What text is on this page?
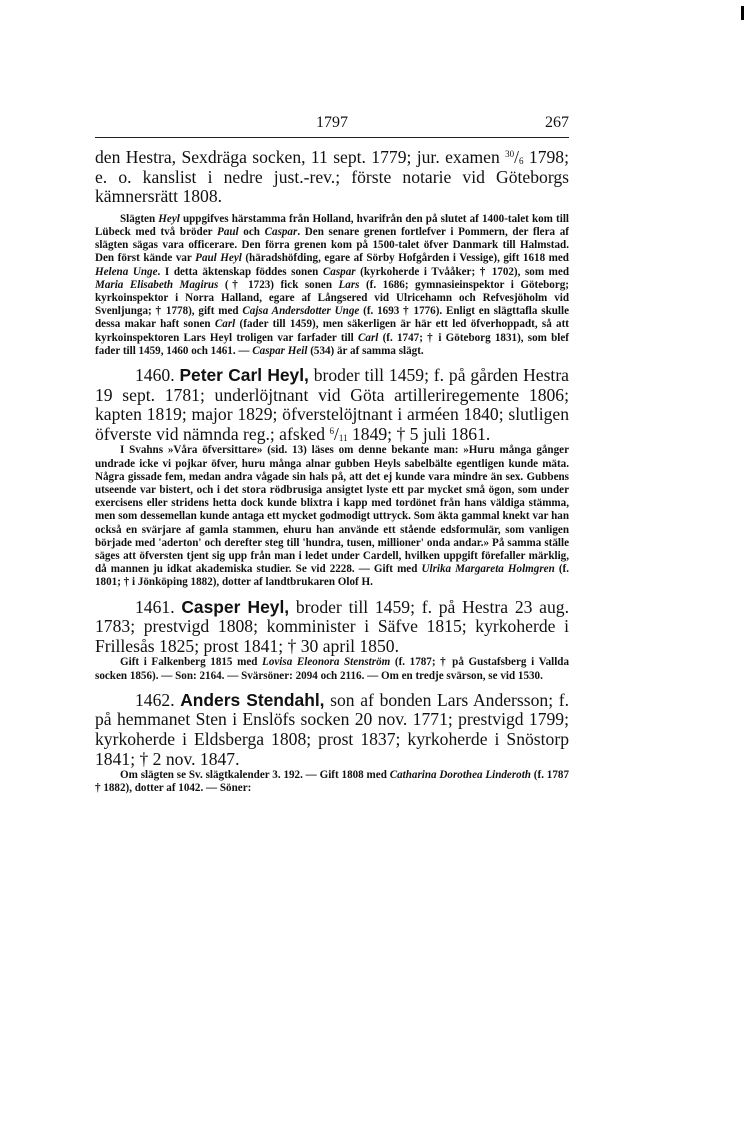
1797	267

den Hestra, Sexdräga socken, 11 sept. 1779; jur. examen $^{30}/_6$ 1798; e. o. kanslist i nedre just.-rev.; förste notarie vid Göteborgs kämnersrätt 1808.

Slägten Heyl uppgifves härstamma från Holland, hvarifrån den på slutet af 1400-talet kom till Lübeck med två bröder Paul och Caspar. Den senare grenen fortlefver i Pommern, der flera af slägten sägas vara officerare. Den förra grenen kom på 1500-talet öfver Danmark till Halmstad. Den först kände var Paul Heyl (häradshöfding, egare af Sörby Hofgården i Vessige), gift 1618 med Helena Unge. I detta äktenskap föddes sonen Caspar (kyrkoherde i Tvååker; † 1702), som med Maria Elisabeth Magirus († 1723) fick sonen Lars (f. 1686; gymnasieinspektor i Göteborg; kyrkoinspektor i Norra Halland, egare af Långsered vid Ulricehamn och Refvesjöholm vid Svenljunga; † 1778), gift med Cajsa Andersdotter Unge (f. 1693 † 1776). Enligt en slägttafla skulle dessa makar haft sonen Carl (fader till 1459), men säkerligen är här ett led öfverhoppadt, så att kyrkoinspektoren Lars Heyl troligen var farfader till Carl (f. 1747; † i Göteborg 1831), som blef fader till 1459, 1460 och 1461. — Caspar Heil (534) är af samma slägt.

1460. Peter Carl Heyl, broder till 1459; f. på gården Hestra 19 sept. 1781; underlöjtnant vid Göta artilleriregemente 1806; kapten 1819; major 1829; öfverstelöjtnant i arméen 1840; slutligen öfverste vid nämnda reg.; afsked $^6/_{11}$ 1849; † 5 juli 1861.

I Svahns »Våra öfversittare» (sid. 13) läses om denne bekante man: »Huru många gånger undrade icke vi pojkar öfver, huru många alnar gubben Heyls sabelbälte egentligen kunde mäta. Några gissade fem, medan andra vågade sin hals på, att det ej kunde vara mindre än sex. Gubbens utseende var bistert, och i det stora rödbrusiga ansigtet lyste ett par mycket små ögon, som under exercisens eller stridens hetta dock kunde blixtra i kapp med tordönet från hans väldiga stämma, men som dessemellan kunde antaga ett mycket godmodigt uttryck. Som äkta gammal knekt var han också en svärjare af gamla stammen, ehuru han använde ett stående edsformulär, som vanligen började med 'aderton' och derefter steg till 'hundra, tusen, millioner' onda andar.» På samma ställe säges att öfversten tjent sig upp från man i ledet under Cardell, hvilken uppgift förefaller märklig, då mannen ju idkat akademiska studier. Se vid 2228. — Gift med Ulrika Margareta Holmgren (f. 1801; † i Jönköping 1882), dotter af landtbrukaren Olof H.

1461. Casper Heyl, broder till 1459; f. på Hestra 23 aug. 1783; prestvigd 1808; komminister i Säfve 1815; kyrkoherde i Frillesås 1825; prost 1841; † 30 april 1850.

Gift i Falkenberg 1815 med Lovisa Eleonora Stenström (f. 1787; † på Gustafsberg i Vallda socken 1856). — Son: 2164. — Svärsöner: 2094 och 2116. — Om en tredje svärson, se vid 1530.

1462. Anders Stendahl, son af bonden Lars Andersson; f. på hemmanet Sten i Enslöfs socken 20 nov. 1771; prestvigd 1799; kyrkoherde i Eldsberga 1808; prost 1837; kyrkoherde i Snöstorp 1841; † 2 nov. 1847.

Om slägten se Sv. slägtkalender 3. 192. — Gift 1808 med Catharina Dorothea Linderoth (f. 1787 † 1882), dotter af 1042. — Söner:
